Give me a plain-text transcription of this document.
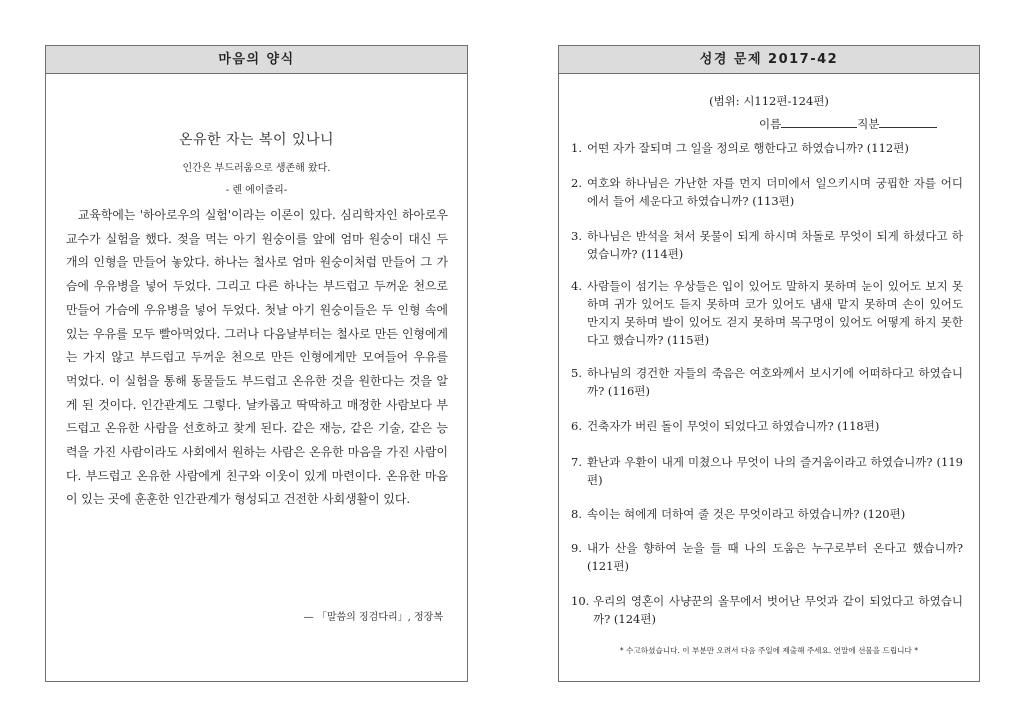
마음의 양식
온유한 자는 복이 있나니
인간은 부드러움으로 생존해 왔다.
- 렌 에이즐리-

교육학에는 '하아로우의 실험'이라는 이론이 있다. 심리학자인 하아로우 교수가 실험을 했다. 젖을 먹는 아기 원숭이를 앞에 엄마 원숭이 대신 두 개의 인형을 만들어 놓았다. 하나는 철사로 엄마 원숭이처럼 만들어 그 가슴에 우유병을 넣어 두었다. 그리고 다른 하나는 부드럽고 두꺼운 천으로 만들어 가슴에 우유병을 넣어 두었다. 첫날 아기 원숭이들은 두 인형 속에 있는 우유를 모두 빨아먹었다. 그러나 다음날부터는 철사로 만든 인형에게는 가지 않고 부드럽고 두꺼운 천으로 만든 인형에게만 모여들어 우유를 먹었다. 이 실험을 통해 동물들도 부드럽고 온유한 것을 원한다는 것을 알게 된 것이다. 인간관계도 그렇다. 날카롭고 딱딱하고 매정한 사람보다 부드럽고 온유한 사람을 선호하고 찾게 된다. 같은 재능, 같은 기술, 같은 능력을 가진 사람이라도 사회에서 원하는 사람은 온유한 마음을 가진 사람이다. 부드럽고 온유한 사람에게 친구와 이웃이 있게 마련이다. 온유한 마음이 있는 곳에 훈훈한 인간관계가 형성되고 건전한 사회생활이 있다.

— 「말씀의 징검다리」, 정장복
성경 문제 2017-42
(범위: 시112편-124편)
이름	직분
1. 어떤 자가 잘되며 그 일을 정의로 행한다고 하였습니까? (112편)
2. 여호와 하나님은 가난한 자를 먼지 더미에서 일으키시며 궁핍한 자를 어디에서 들어 세운다고 하였습니까? (113편)
3. 하나님은 반석을 쳐서 못물이 되게 하시며 차돌로 무엇이 되게 하셨다고 하였습니까? (114편)
4. 사람들이 섬기는 우상들은 입이 있어도 말하지 못하며 눈이 있어도 보지 못하며 귀가 있어도 듣지 못하며 코가 있어도 냄새 맡지 못하며 손이 있어도 만지지 못하며 발이 있어도 걷지 못하며 목구멍이 있어도 어떻게 하지 못한다고 했습니까? (115편)
5. 하나님의 경건한 자들의 죽음은 여호와께서 보시기에 어떠하다고 하였습니까? (116편)
6. 건축자가 버린 돌이 무엇이 되었다고 하였습니까? (118편)
7. 환난과 우환이 내게 미쳤으나 무엇이 나의 즐거움이라고 하였습니까? (119편)
8. 속이는 혀에게 더하여 줄 것은 무엇이라고 하였습니까? (120편)
9. 내가 산을 향하여 눈을 들 때 나의 도움은 누구로부터 온다고 했습니까? (121편)
10. 우리의 영혼이 사냥꾼의 올무에서 벗어난 무엇과 같이 되었다고 하였습니까? (124편)
* 수고하셨습니다. 이 부분만 오려서 다음 주일에 제출해 주세요. 연말에 선물을 드립니다 *
